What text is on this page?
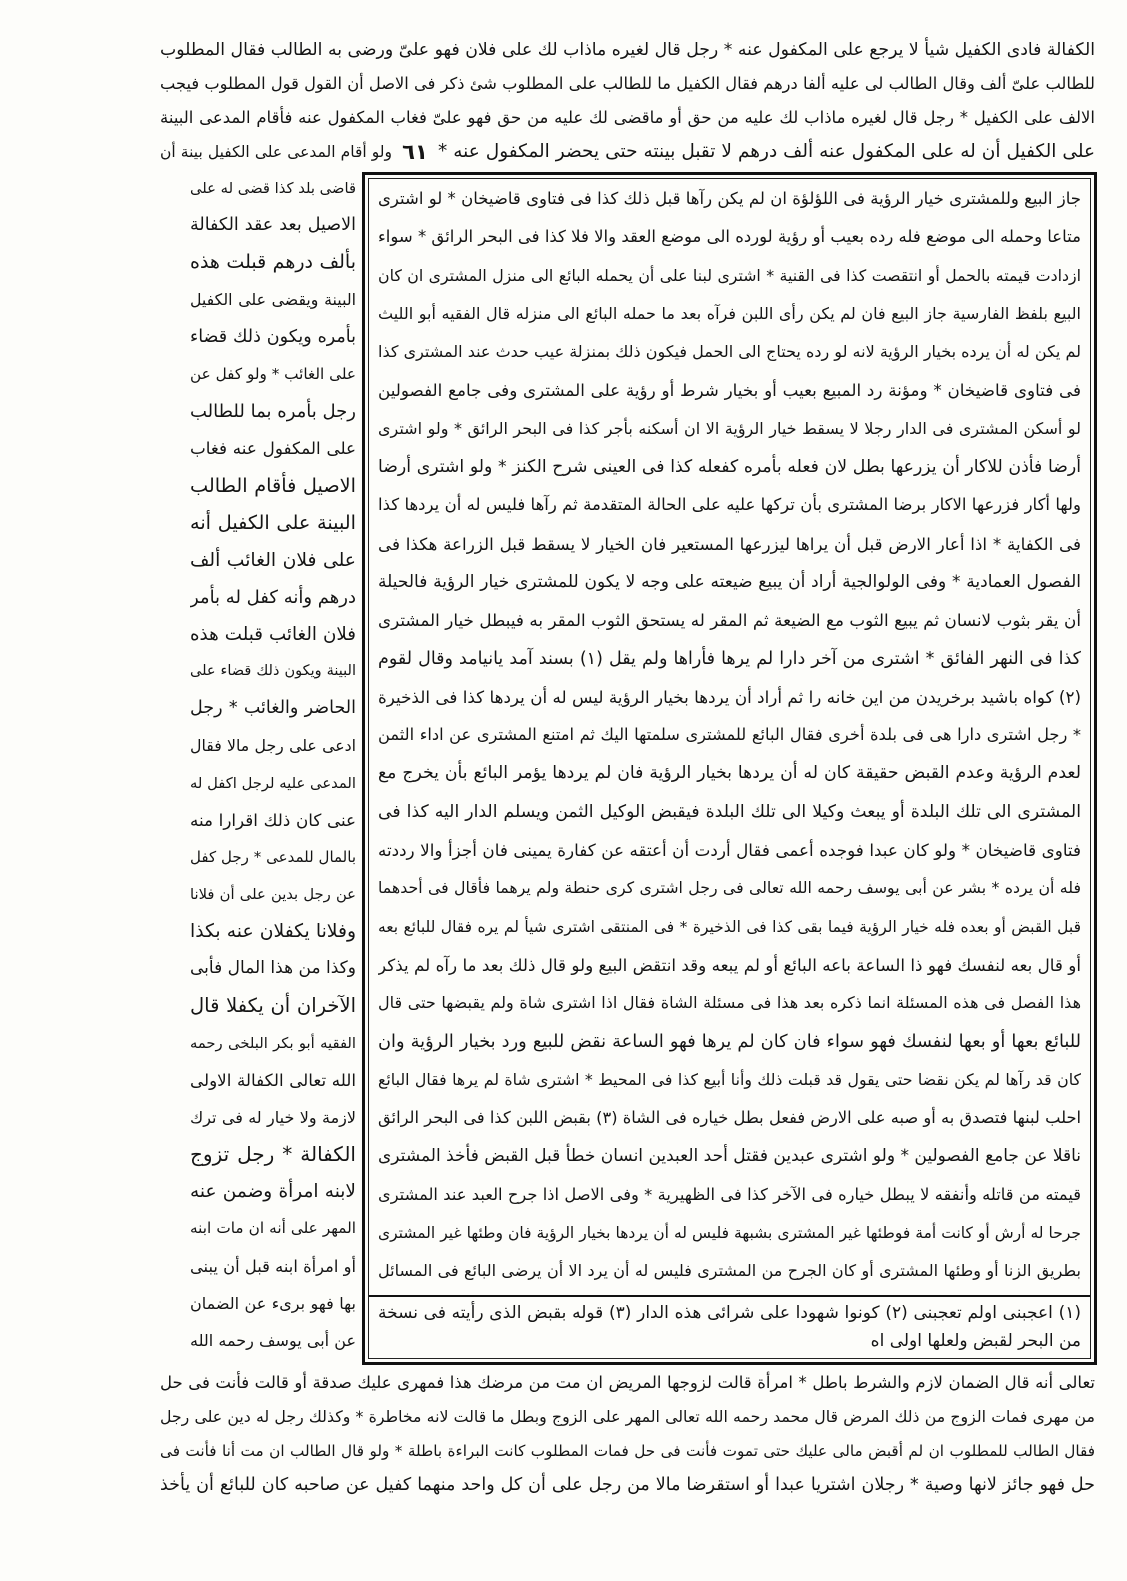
الكفالة فادى الكفيل شيأ لا يرجع على المكفول عنه * رجل قال لغيره ماذاب لك على فلان فهو علىّ ورضى به الطالب فقال المطلوب
للطالب علىّ ألف وقال الطالب لى عليه ألفا درهم فقال الكفيل ما للطالب على المطلوب شئ ذكر فى الاصل أن القول قول المطلوب فيجب
الالف على الكفيل * رجل قال لغيره ماذاب لك عليه من حق أو ماقضى لك عليه من حق فهو علىّ فغاب المكفول عنه فأقام المدعى البينة
على الكفيل أن له على المكفول عنه ألف درهم لا تقبل بينته حتى يحضر المكفول عنه *
٦١
ولو أقام المدعى على الكفيل بينة أن
قاضى بلد كذا قضى له على
الاصيل بعد عقد الكفالة
بألف درهم قبلت هذه
البينة ويقضى على الكفيل
بأمره ويكون ذلك قضاء
على الغائب * ولو كفل عن
رجل بأمره بما للطالب
على المكفول عنه فغاب
الاصيل فأقام الطالب
البينة على الكفيل أنه
على فلان الغائب ألف
درهم وأنه كفل له بأمر
فلان الغائب قبلت هذه
البينة ويكون ذلك قضاء على
الحاضر والغائب * رجل
ادعى على رجل مالا فقال
المدعى عليه لرجل اكفل له
عنى كان ذلك اقرارا منه
بالمال للمدعى * رجل كفل
عن رجل بدين على أن فلانا
وفلانا يكفلان عنه بكذا
وكذا من هذا المال فأبى
الآخران أن يكفلا قال
الفقيه أبو بكر البلخى رحمه
الله تعالى الكفالة الاولى
لازمة ولا خيار له فى ترك
الكفالة * رجل تزوج
لابنه امرأة وضمن عنه
المهر على أنه ان مات ابنه
أو امرأة ابنه قبل أن يبنى
بها فهو برىء عن الضمان
عن أبى يوسف رحمه الله
جاز البيع وللمشترى خيار الرؤية فى اللؤلؤة ان لم يكن رآها قبل ذلك كذا فى فتاوى قاضيخان * لو اشترى
متاعا وحمله الى موضع فله رده بعيب أو رؤية لورده الى موضع العقد والا فلا كذا فى البحر الرائق * سواء
ازدادت قيمته بالحمل أو انتقصت كذا فى القنية * اشترى لبنا على أن يحمله البائع الى منزل المشترى ان كان
البيع بلفظ الفارسية جاز البيع فان لم يكن رأى اللبن فرآه بعد ما حمله البائع الى منزله قال الفقيه أبو الليث
لم يكن له أن يرده بخيار الرؤية لانه لو رده يحتاج الى الحمل فيكون ذلك بمنزلة عيب حدث عند المشترى كذا
فى فتاوى قاضيخان * ومؤنة رد المبيع بعيب أو بخيار شرط أو رؤية على المشترى وفى جامع الفصولين
لو أسكن المشترى فى الدار رجلا لا يسقط خيار الرؤية الا ان أسكنه بأجر كذا فى البحر الرائق * ولو اشترى
أرضا فأذن للاكار أن يزرعها بطل لان فعله بأمره كفعله كذا فى العينى شرح الكنز * ولو اشترى أرضا
ولها أكار فزرعها الاكار برضا المشترى بأن تركها عليه على الحالة المتقدمة ثم رآها فليس له أن يردها كذا
فى الكفاية * اذا أعار الارض قبل أن يراها ليزرعها المستعير فان الخيار لا يسقط قبل الزراعة هكذا فى
الفصول العمادية * وفى الولوالجية أراد أن يبيع ضيعته على وجه لا يكون للمشترى خيار الرؤية فالحيلة
أن يقر بثوب لانسان ثم يبيع الثوب مع الضيعة ثم المقر له يستحق الثوب المقر به فيبطل خيار المشترى
كذا فى النهر الفائق * اشترى من آخر دارا لم يرها فأراها ولم يقل (١) بسند آمد يانيامد وقال لقوم
(٢) كواه باشيد برخريدن من اين خانه را ثم أراد أن يردها بخيار الرؤية ليس له أن يردها كذا فى الذخيرة
* رجل اشترى دارا هى فى بلدة أخرى فقال البائع للمشترى سلمتها اليك ثم امتنع المشترى عن اداء الثمن
لعدم الرؤية وعدم القبض حقيقة كان له أن يردها بخيار الرؤية فان لم يردها يؤمر البائع بأن يخرج مع
المشترى الى تلك البلدة أو يبعث وكيلا الى تلك البلدة فيقبض الوكيل الثمن ويسلم الدار اليه كذا فى
فتاوى قاضيخان * ولو كان عبدا فوجده أعمى فقال أردت أن أعتقه عن كفارة يمينى فان أجزأ والا رددته
فله أن يرده * بشر عن أبى يوسف رحمه الله تعالى فى رجل اشترى كرى حنطة ولم يرهما فأقال فى أحدهما
قبل القبض أو بعده فله خيار الرؤية فيما بقى كذا فى الذخيرة * فى المنتقى اشترى شيأ لم يره فقال للبائع بعه
أو قال بعه لنفسك فهو ذا الساعة باعه البائع أو لم يبعه وقد انتقض البيع ولو قال ذلك بعد ما رآه لم يذكر
هذا الفصل فى هذه المسئلة انما ذكره بعد هذا فى مسئلة الشاة فقال اذا اشترى شاة ولم يقبضها حتى قال
للبائع بعها أو بعها لنفسك فهو سواء فان كان لم يرها فهو الساعة نقض للبيع ورد بخيار الرؤية وان
كان قد رآها لم يكن نقضا حتى يقول قد قبلت ذلك وأنا أبيع كذا فى المحيط * اشترى شاة لم يرها فقال البائع
احلب لبنها فتصدق به أو صبه على الارض ففعل بطل خياره فى الشاة (٣) بقبض اللبن كذا فى البحر الرائق
ناقلا عن جامع الفصولين * ولو اشترى عبدين فقتل أحد العبدين انسان خطأ قبل القبض فأخذ المشترى
قيمته من قاتله وأنفقه لا يبطل خياره فى الآخر كذا فى الظهيرية * وفى الاصل اذا جرح العبد عند المشترى
جرحا له أرش أو كانت أمة فوطئها غير المشترى بشبهة فليس له أن يردها بخيار الرؤية فان وطئها غير المشترى
بطريق الزنا أو وطئها المشترى أو كان الجرح من المشترى فليس له أن يرد الا أن يرضى البائع فى المسائل
(١) اعجبنى اولم تعجبنى (٢) كونوا شهودا على شرائى هذه الدار (٣) قوله بقبض الذى رأيته فى نسخة
من البحر لقبض ولعلها اولى اه
تعالى أنه قال الضمان لازم والشرط باطل * امرأة قالت لزوجها المريض ان مت من مرضك هذا فمهرى عليك صدقة أو قالت فأنت فى حل
من مهرى فمات الزوج من ذلك المرض قال محمد رحمه الله تعالى المهر على الزوج وبطل ما قالت لانه مخاطرة * وكذلك رجل له دين على رجل
فقال الطالب للمطلوب ان لم أقبض مالى عليك حتى تموت فأنت فى حل فمات المطلوب كانت البراءة باطلة * ولو قال الطالب ان مت أنا فأنت فى
حل فهو جائز لانها وصية * رجلان اشتريا عبدا أو استقرضا مالا من رجل على أن كل واحد منهما كفيل عن صاحبه كان للبائع أن يأخذ
